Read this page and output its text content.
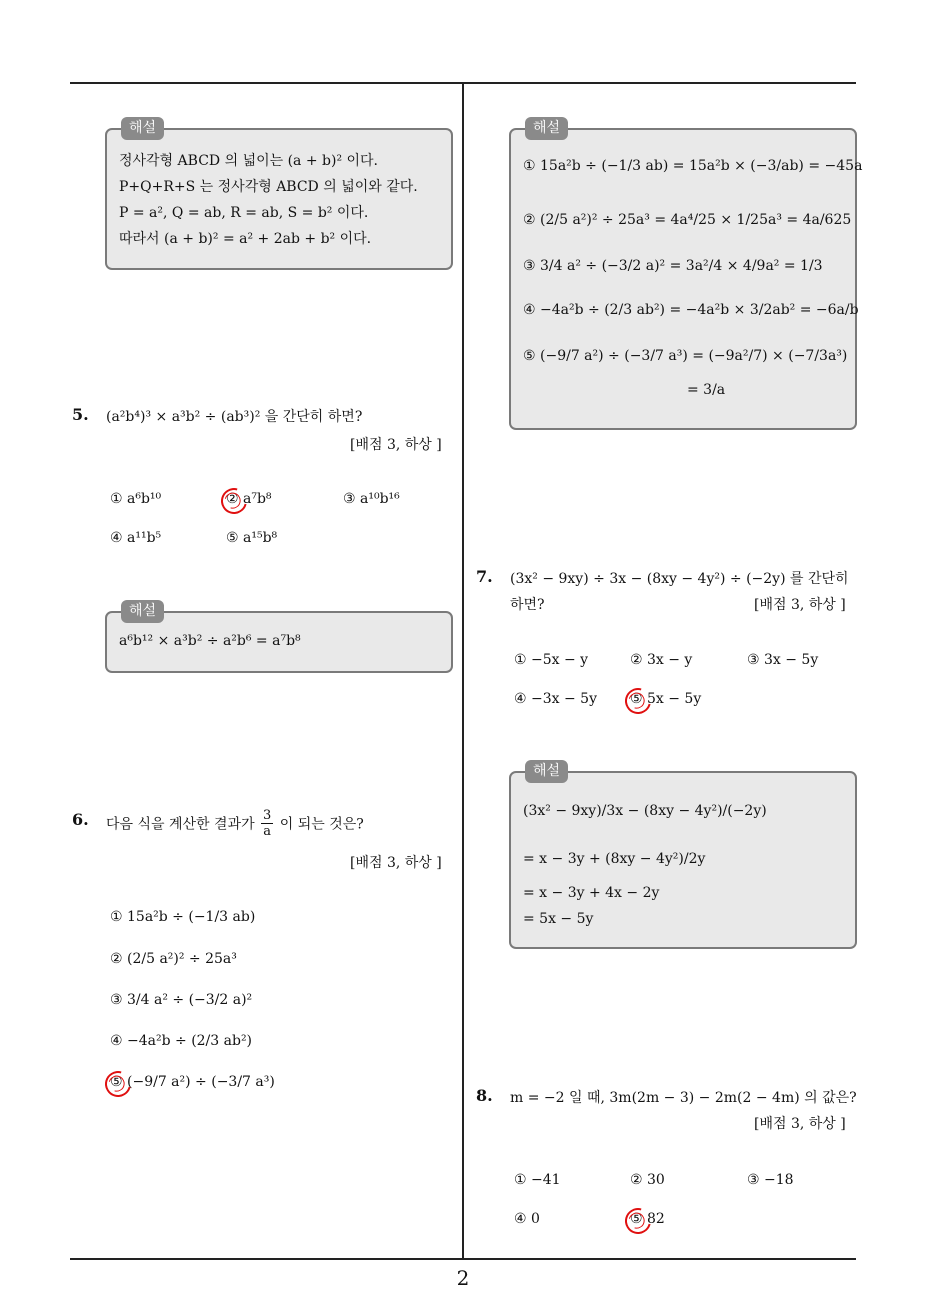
2
해설
정사각형 ABCD 의 넓이는 (a + b)² 이다.
P+Q+R+S 는 정사각형 ABCD 의 넓이와 같다.
P = a², Q = ab, R = ab, S = b² 이다.
따라서 (a + b)² = a² + 2ab + b² 이다.
5. (a²b⁴)³ × a³b² ÷ (ab³)² 을 간단히 하면?
[배점 3, 하상 ]
① a⁶b¹⁰	② a⁷b⁸	③ a¹⁰b¹⁶
④ a¹¹b⁵	⑤ a¹⁵b⁸
해설
a⁶b¹² × a³b² ÷ a²b⁶ = a⁷b⁸
6. 다음 식을 계산한 결과가 $\frac{3}{a}$ 이 되는 것은?
[배점 3, 하상 ]
① 15a²b ÷ (−1/3 ab)
② (2/5 a²)² ÷ 25a³
③ 3/4 a² ÷ (−3/2 a)²
④ −4a²b ÷ (2/3 ab²)
⑤ (−9/7 a²) ÷ (−3/7 a³)
해설
① 15a²b ÷ (−1/3 ab) = 15a²b × (−3/ab) = −45a
② (2/5 a²)² ÷ 25a³ = 4a⁴/25 × 1/25a³ = 4a/625
③ 3/4 a² ÷ (−3/2 a)² = 3a²/4 × 4/9a² = 1/3
④ −4a²b ÷ (2/3 ab²) = −4a²b × 3/2ab² = −6a/b
⑤ (−9/7 a²) ÷ (−3/7 a³) = (−9a²/7) × (−7/3a³)
= 3/a
7. (3x² − 9xy) ÷ 3x − (8xy − 4y²) ÷ (−2y) 를 간단히
하면?	[배점 3, 하상 ]
① −5x − y	② 3x − y	③ 3x − 5y
④ −3x − 5y ⑤ 5x − 5y
해설
(3x² − 9xy)/3x − (8xy − 4y²)/(−2y)
= x − 3y + (8xy − 4y²)/2y
= x − 3y + 4x − 2y
= 5x − 5y
8. m = −2 일 때, 3m(2m − 3) − 2m(2 − 4m) 의 값은?
[배점 3, 하상 ]
① −41	② 30	③ −18
④ 0	⑤ 82
